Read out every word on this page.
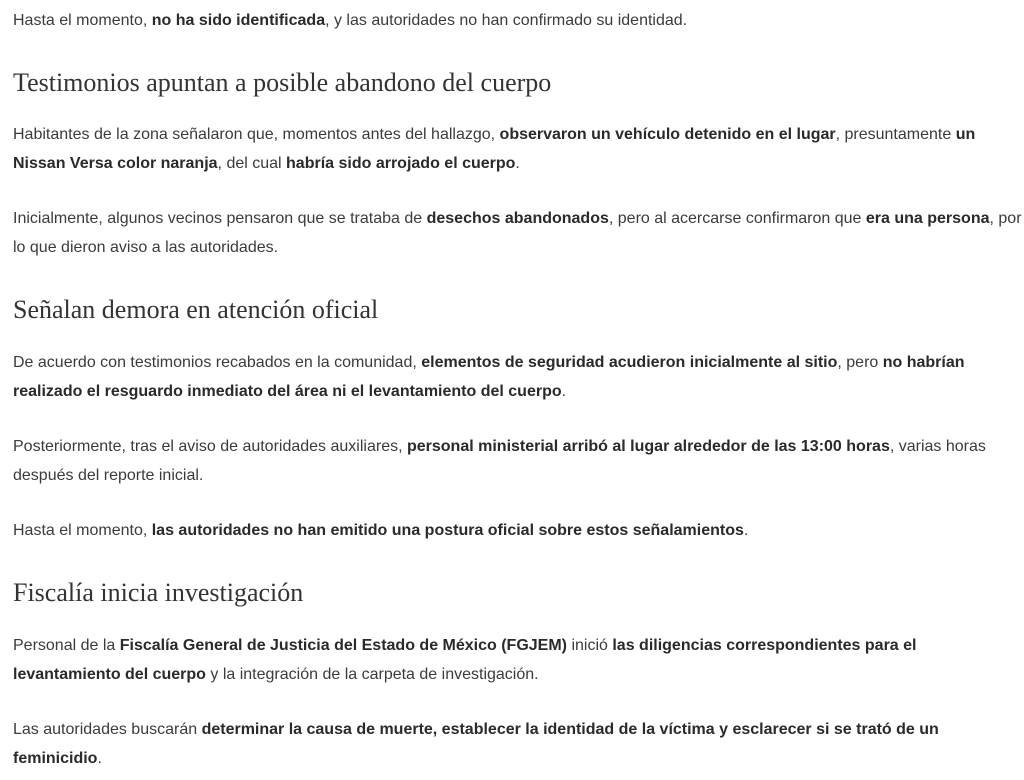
Hasta el momento, no ha sido identificada, y las autoridades no han confirmado su identidad.

Testimonios apuntan a posible abandono del cuerpo

Habitantes de la zona señalaron que, momentos antes del hallazgo, observaron un vehículo detenido en el lugar, presuntamente un Nissan Versa color naranja, del cual habría sido arrojado el cuerpo.

Inicialmente, algunos vecinos pensaron que se trataba de desechos abandonados, pero al acercarse confirmaron que era una persona, por lo que dieron aviso a las autoridades.

Señalan demora en atención oficial

De acuerdo con testimonios recabados en la comunidad, elementos de seguridad acudieron inicialmente al sitio, pero no habrían realizado el resguardo inmediato del área ni el levantamiento del cuerpo.

Posteriormente, tras el aviso de autoridades auxiliares, personal ministerial arribó al lugar alrededor de las 13:00 horas, varias horas después del reporte inicial.

Hasta el momento, las autoridades no han emitido una postura oficial sobre estos señalamientos.

Fiscalía inicia investigación

Personal de la Fiscalía General de Justicia del Estado de México (FGJEM) inició las diligencias correspondientes para el levantamiento del cuerpo y la integración de la carpeta de investigación.

Las autoridades buscarán determinar la causa de muerte, establecer la identidad de la víctima y esclarecer si se trató de un feminicidio.
